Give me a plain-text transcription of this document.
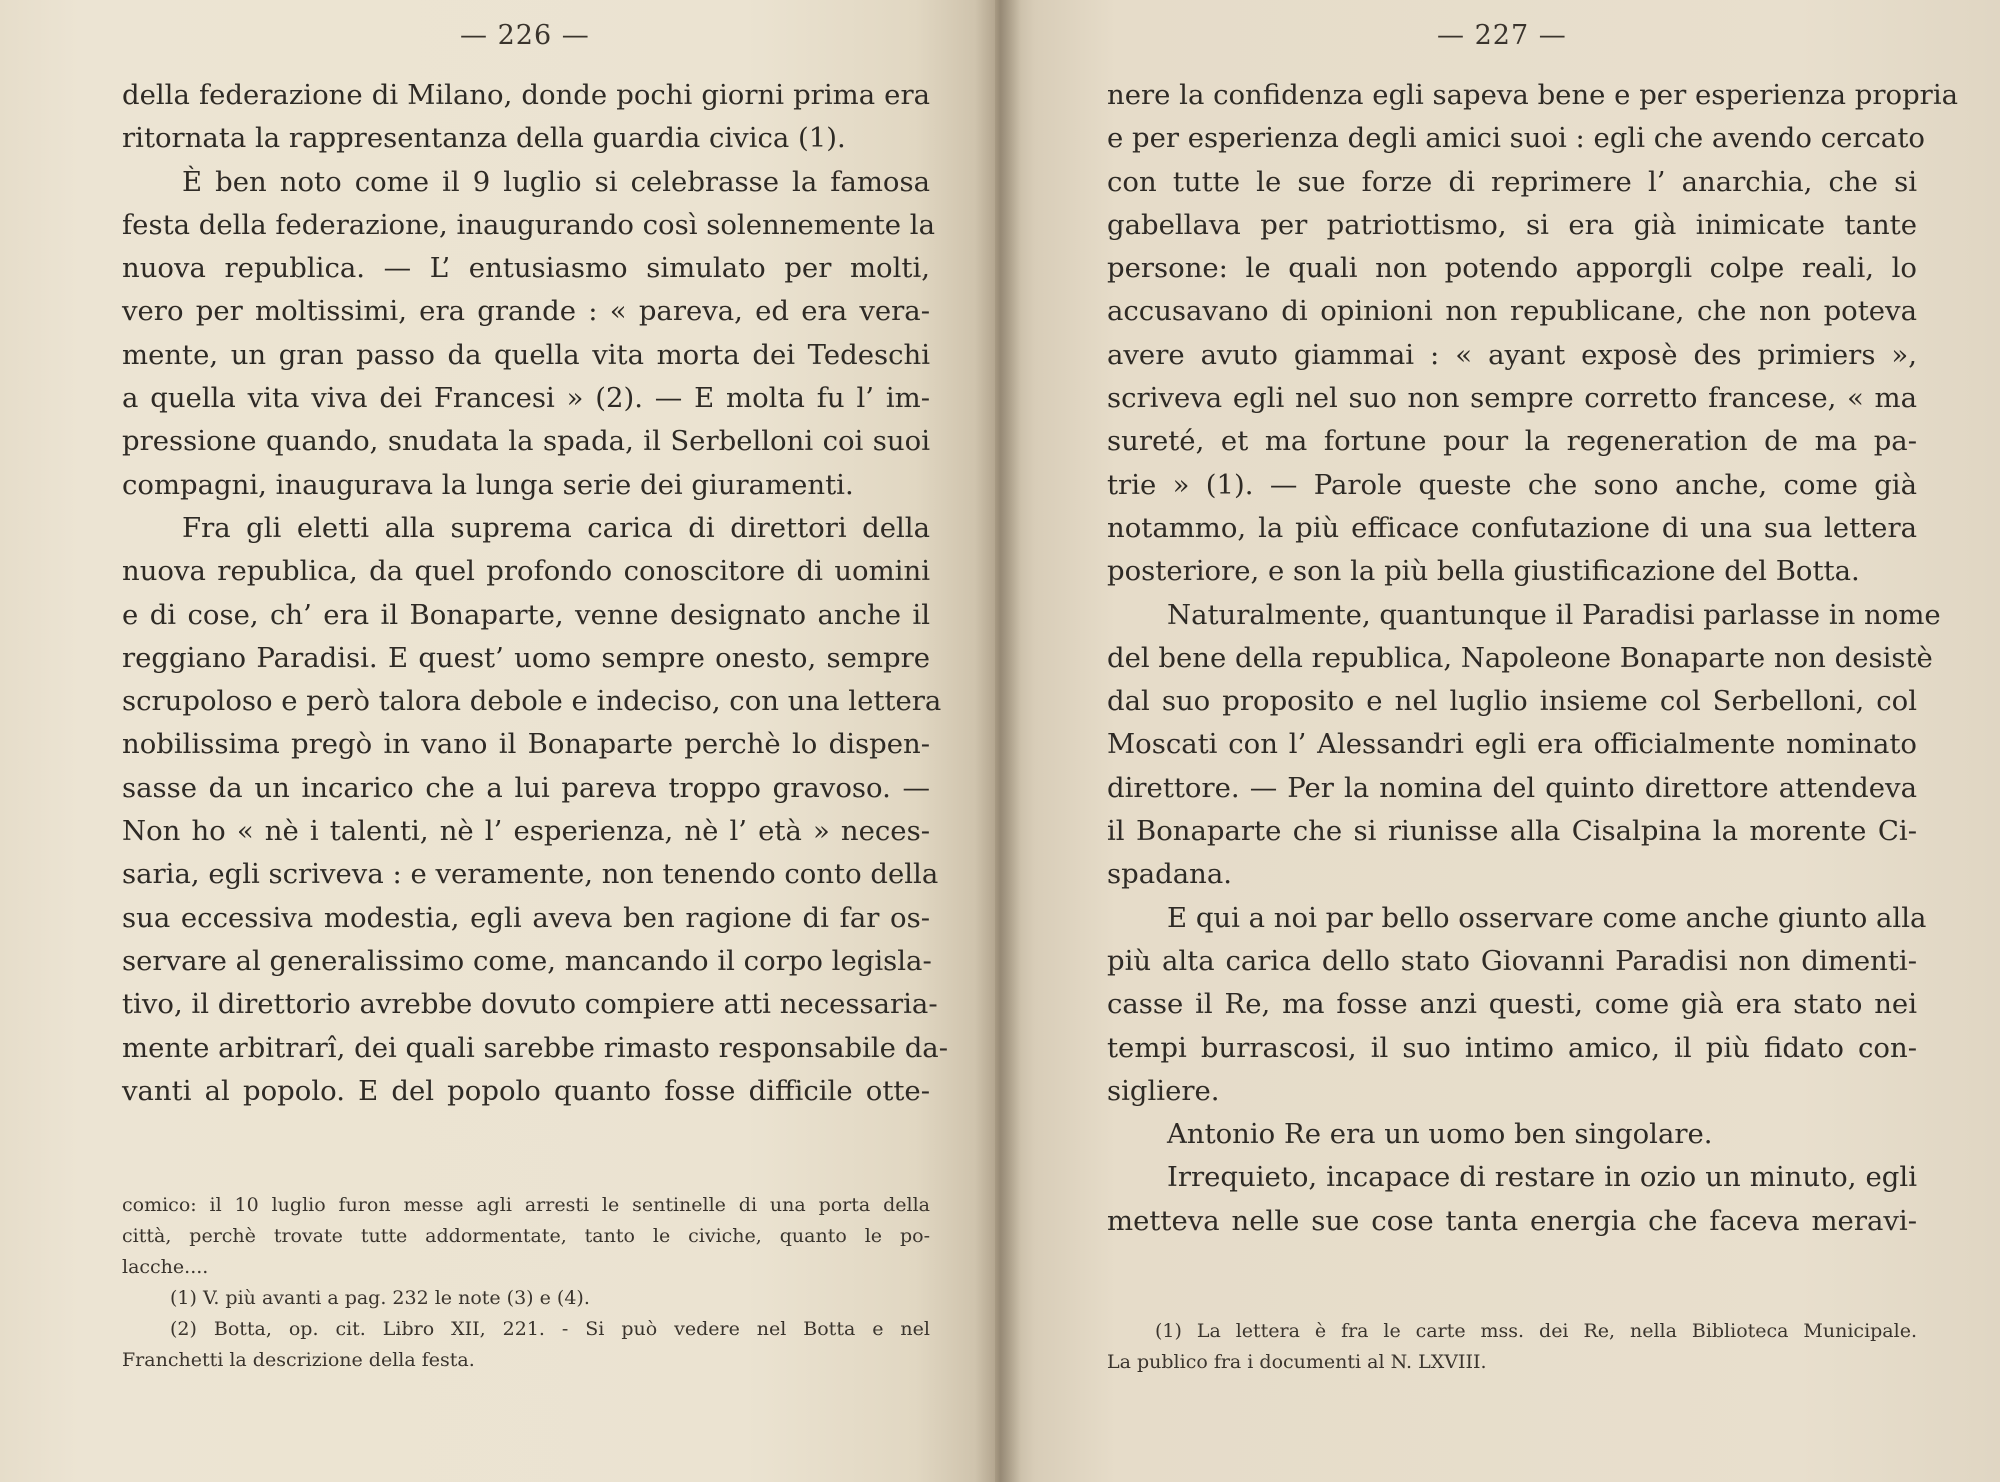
— 226 —
della federazione di Milano, donde pochi giorni prima era
ritornata la rappresentanza della guardia civica (1).
È ben noto come il 9 luglio si celebrasse la famosa
festa della federazione, inaugurando così solennemente la
nuova republica. — L’ entusiasmo simulato per molti,
vero per moltissimi, era grande : « pareva, ed era vera-
mente, un gran passo da quella vita morta dei Tedeschi
a quella vita viva dei Francesi » (2). — E molta fu l’ im-
pressione quando, snudata la spada, il Serbelloni coi suoi
compagni, inaugurava la lunga serie dei giuramenti.
Fra gli eletti alla suprema carica di direttori della
nuova republica, da quel profondo conoscitore di uomini
e di cose, ch’ era il Bonaparte, venne designato anche il
reggiano Paradisi. E quest’ uomo sempre onesto, sempre
scrupoloso e però talora debole e indeciso, con una lettera
nobilissima pregò in vano il Bonaparte perchè lo dispen-
sasse da un incarico che a lui pareva troppo gravoso. —
Non ho « nè i talenti, nè l’ esperienza, nè l’ età » neces-
saria, egli scriveva : e veramente, non tenendo conto della
sua eccessiva modestia, egli aveva ben ragione di far os-
servare al generalissimo come, mancando il corpo legisla-
tivo, il direttorio avrebbe dovuto compiere atti necessaria-
mente arbitrarî, dei quali sarebbe rimasto responsabile da-
vanti al popolo. E del popolo quanto fosse difficile otte-
comico: il 10 luglio furon messe agli arresti le sentinelle di una porta della
città, perchè trovate tutte addormentate, tanto le civiche, quanto le po-
lacche....
(1) V. più avanti a pag. 232 le note (3) e (4).
(2) Botta, op. cit. Libro XII, 221. - Si può vedere nel Botta e nel
Franchetti la descrizione della festa.
— 227 —
nere la confidenza egli sapeva bene e per esperienza propria
e per esperienza degli amici suoi : egli che avendo cercato
con tutte le sue forze di reprimere l’ anarchia, che si
gabellava per patriottismo, si era già inimicate tante
persone: le quali non potendo apporgli colpe reali, lo
accusavano di opinioni non republicane, che non poteva
avere avuto giammai : « ayant exposè des primiers »,
scriveva egli nel suo non sempre corretto francese, « ma
sureté, et ma fortune pour la regeneration de ma pa-
trie » (1). — Parole queste che sono anche, come già
notammo, la più efficace confutazione di una sua lettera
posteriore, e son la più bella giustificazione del Botta.
Naturalmente, quantunque il Paradisi parlasse in nome
del bene della republica, Napoleone Bonaparte non desistè
dal suo proposito e nel luglio insieme col Serbelloni, col
Moscati con l’ Alessandri egli era officialmente nominato
direttore. — Per la nomina del quinto direttore attendeva
il Bonaparte che si riunisse alla Cisalpina la morente Ci-
spadana.
E qui a noi par bello osservare come anche giunto alla
più alta carica dello stato Giovanni Paradisi non dimenti-
casse il Re, ma fosse anzi questi, come già era stato nei
tempi burrascosi, il suo intimo amico, il più fidato con-
sigliere.
Antonio Re era un uomo ben singolare.
Irrequieto, incapace di restare in ozio un minuto, egli
metteva nelle sue cose tanta energia che faceva meravi-
(1) La lettera è fra le carte mss. dei Re, nella Biblioteca Municipale.
La publico fra i documenti al N. LXVIII.
